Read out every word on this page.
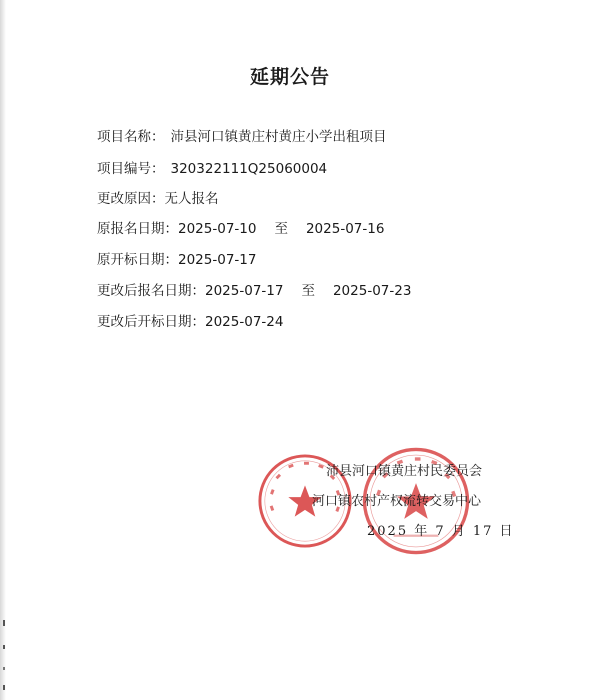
延期公告
项目名称： 沛县河口镇黄庄村黄庄小学出租项目
项目编号： 320322111Q25060004
更改原因：无人报名
原报名日期：2025-07-10 至 2025-07-16
原开标日期：2025-07-17
更改后报名日期：2025-07-17 至 2025-07-23
更改后开标日期：2025-07-24
沛县河口镇黄庄村民委员会
河口镇农村产权流转交易中心
2025 年 7 月 17 日
